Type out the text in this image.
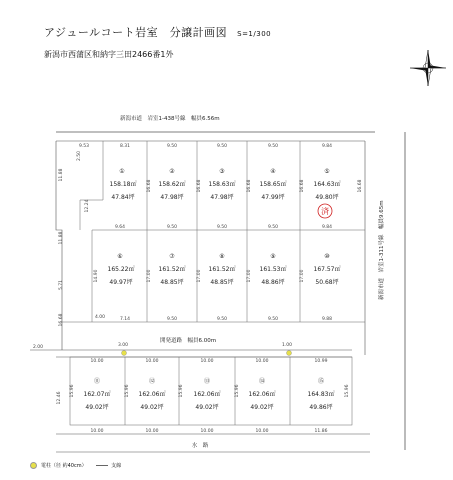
アジュールコート岩室　分譲計画図 S=1/300
新潟市西蒲区和納字三田2466番1外
済
新潟市道　岩室1-438号線　幅員6.56m
開発道路　幅員6.00m
水　路
新潟市道　岩室1-311号線　幅員9.65m
①
158.18㎡
47.84坪
②
158.62㎡
47.98坪
③
158.63㎡
47.98坪
④
158.65㎡
47.99坪
⑤
164.63㎡
49.80坪
⑥
165.22㎡
49.97坪
⑦
161.52㎡
48.85坪
⑧
161.52㎡
48.85坪
⑨
161.53㎡
48.86坪
⑩
167.57㎡
50.68坪
⑪
162.07㎡
49.02坪
⑫
162.06㎡
49.02坪
⑬
162.06㎡
49.02坪
⑭
162.06㎡
49.02坪
⑮
164.83㎡
49.86坪
9.53	8.31	9.50	9.50	9.50	9.84
9.64	9.50	9.50	9.50	9.84
7.14	9.50	9.50	9.50	9.88
10.00	10.00	10.00	10.00	10.99
10.00	10.00	10.00	10.00	11.86
16.68	16.68	16.68	16.68	16.68
14.90	17.00	17.00	17.00	17.00
15.96	15.96	15.96	15.96	15.96
11.88
11.88
5.71
16.68
2.50
3.00
2.00	1.00
12.46
12.24
4.00
電柱（径 約40cm）	支線
